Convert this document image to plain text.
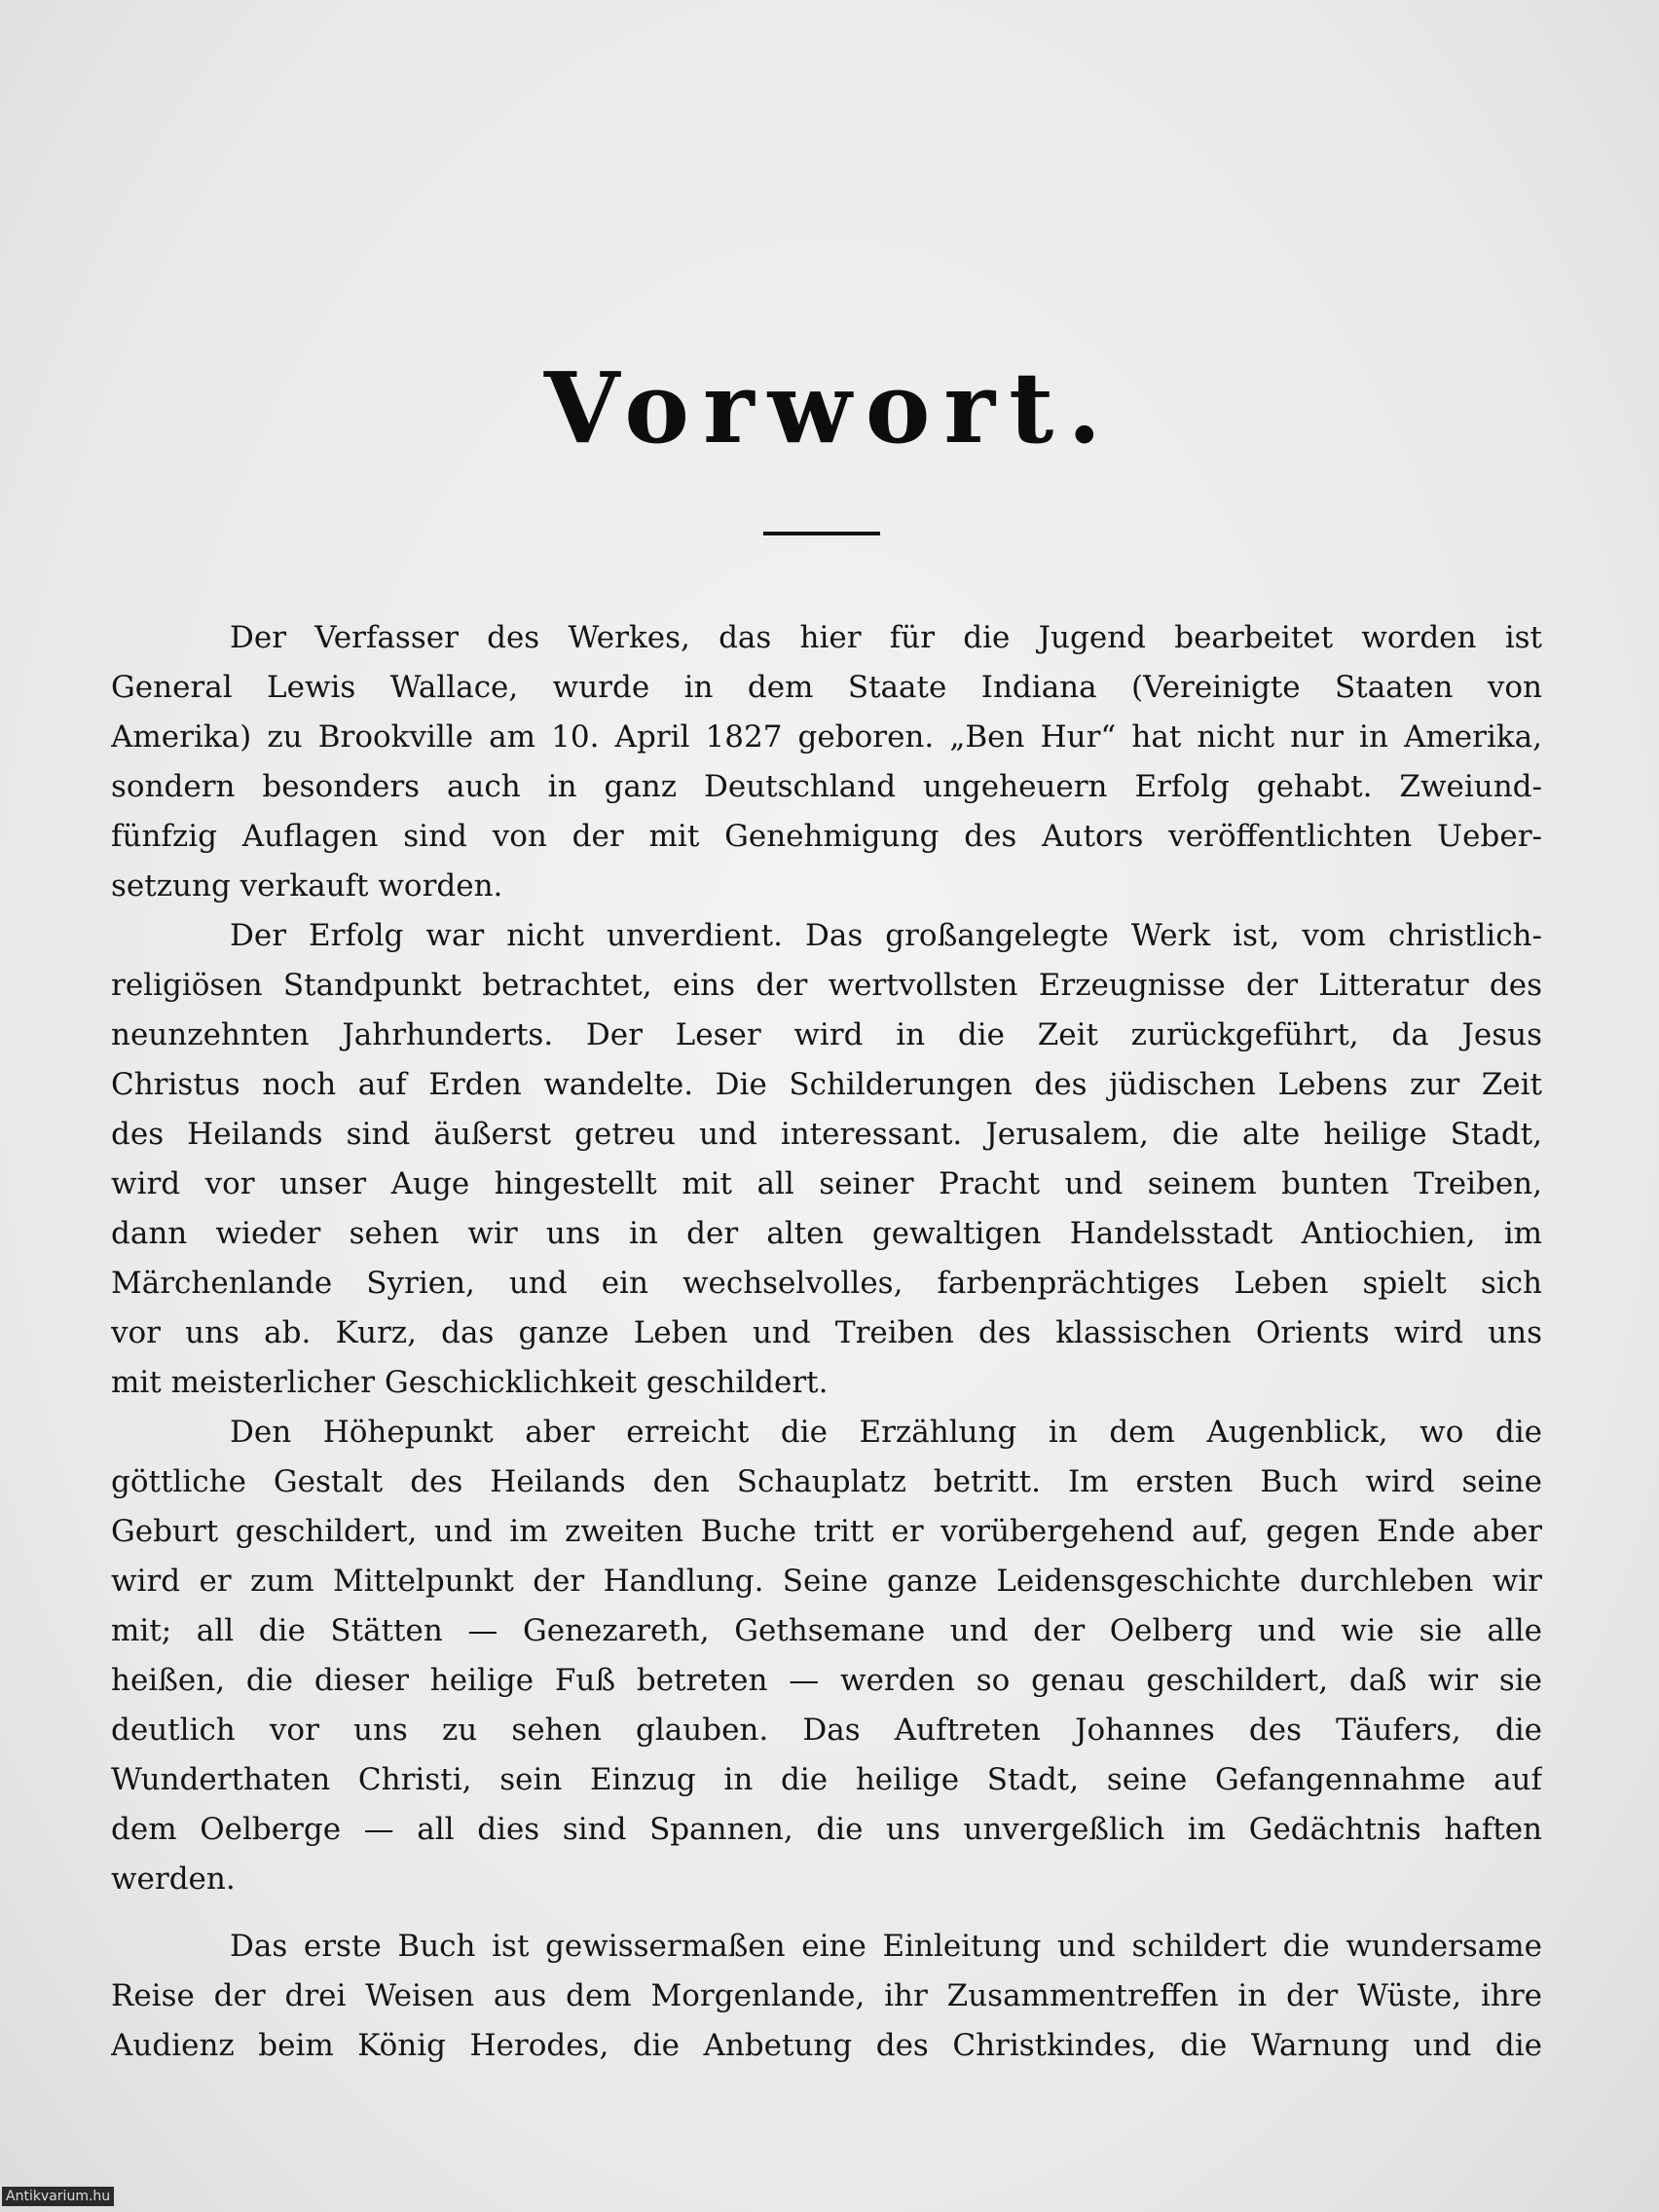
Vorwort.
Der Verfasser des Werkes, das hier für die Jugend bearbeitet worden ist
General Lewis Wallace, wurde in dem Staate Indiana (Vereinigte Staaten von
Amerika) zu Brookville am 10. April 1827 geboren. „Ben Hur“ hat nicht nur in Amerika,
sondern besonders auch in ganz Deutschland ungeheuern Erfolg gehabt. Zweiund-
fünfzig Auflagen sind von der mit Genehmigung des Autors veröffentlichten Ueber-
setzung verkauft worden.
Der Erfolg war nicht unverdient. Das großangelegte Werk ist, vom christlich-
religiösen Standpunkt betrachtet, eins der wertvollsten Erzeugnisse der Litteratur des
neunzehnten Jahrhunderts. Der Leser wird in die Zeit zurückgeführt, da Jesus
Christus noch auf Erden wandelte. Die Schilderungen des jüdischen Lebens zur Zeit
des Heilands sind äußerst getreu und interessant. Jerusalem, die alte heilige Stadt,
wird vor unser Auge hingestellt mit all seiner Pracht und seinem bunten Treiben,
dann wieder sehen wir uns in der alten gewaltigen Handelsstadt Antiochien, im
Märchenlande Syrien, und ein wechselvolles, farbenprächtiges Leben spielt sich
vor uns ab. Kurz, das ganze Leben und Treiben des klassischen Orients wird uns
mit meisterlicher Geschicklichkeit geschildert.
Den Höhepunkt aber erreicht die Erzählung in dem Augenblick, wo die
göttliche Gestalt des Heilands den Schauplatz betritt. Im ersten Buch wird seine
Geburt geschildert, und im zweiten Buche tritt er vorübergehend auf, gegen Ende aber
wird er zum Mittelpunkt der Handlung. Seine ganze Leidensgeschichte durchleben wir
mit; all die Stätten — Genezareth, Gethsemane und der Oelberg und wie sie alle
heißen, die dieser heilige Fuß betreten — werden so genau geschildert, daß wir sie
deutlich vor uns zu sehen glauben. Das Auftreten Johannes des Täufers, die
Wunderthaten Christi, sein Einzug in die heilige Stadt, seine Gefangennahme auf
dem Oelberge — all dies sind Spannen, die uns unvergeßlich im Gedächtnis haften
werden.
Das erste Buch ist gewissermaßen eine Einleitung und schildert die wundersame
Reise der drei Weisen aus dem Morgenlande, ihr Zusammentreffen in der Wüste, ihre
Audienz beim König Herodes, die Anbetung des Christkindes, die Warnung und die
Antikvarium.hu
